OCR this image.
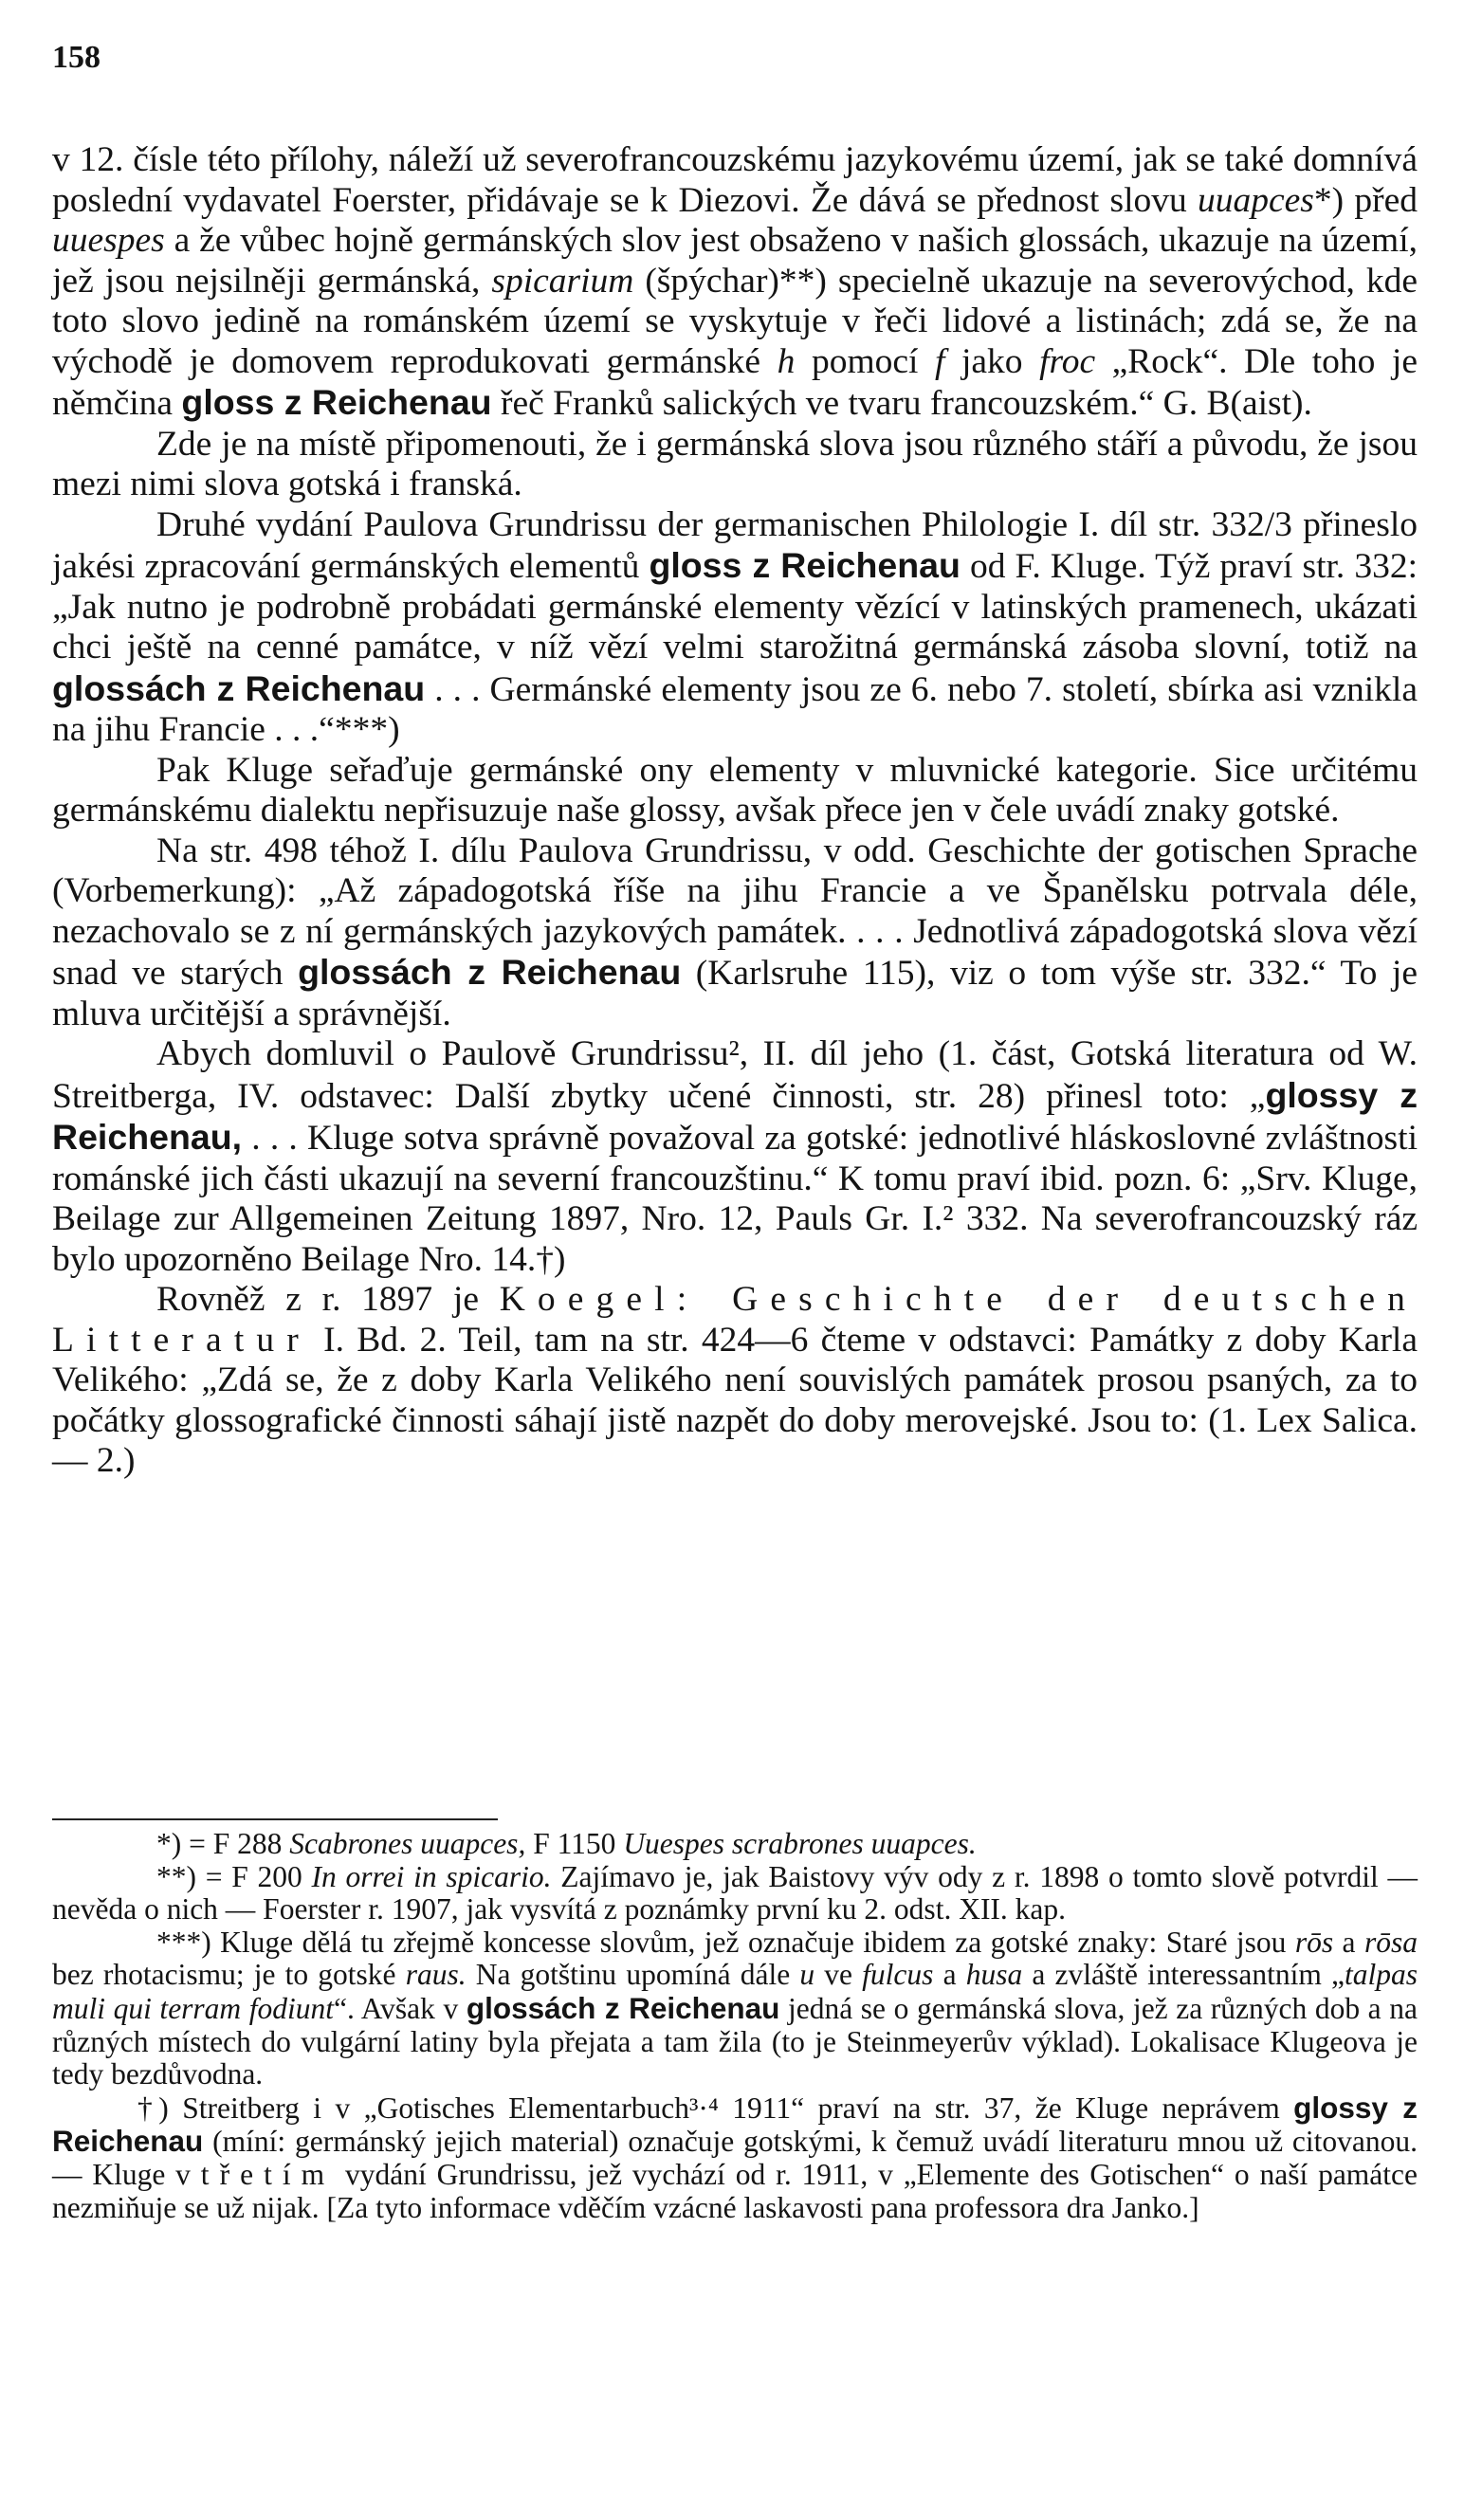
158

v 12. čísle této přílohy, náleží už severofrancouzskému jazykovému území, jak se také domnívá poslední vydavatel Foerster, přidávaje se k Diezovi. Že dává se přednost slovu uuapces*) před uuespes a že vůbec hojně germánských slov jest obsaženo v našich glossách, ukazuje na území, jež jsou nejsilněji germánská, spicarium (špýchar)**) specielně ukazuje na severovýchod, kde toto slovo jedině na románském území se vyskytuje v řeči lidové a listinách; zdá se, že na východě je domovem reprodukovati germánské h pomocí f jako froc „Rock“. Dle toho je němčina gloss z Reichenau řeč Franků salických ve tvaru francouzském.“ G. B(aist).

Zde je na místě připomenouti, že i germánská slova jsou různého stáří a původu, že jsou mezi nimi slova gotská i franská.

Druhé vydání Paulova Grundrissu der germanischen Philologie I. díl str. 332/3 přineslo jakési zpracování germánských elementů gloss z Reichenau od F. Kluge. Týž praví str. 332: „Jak nutno je podrobně probádati germánské elementy vězící v latinských pramenech, ukázati chci ještě na cenné památce, v níž vězí velmi starožitná germánská zásoba slovní, totiž na glossách z Reichenau . . . Germánské elementy jsou ze 6. nebo 7. století, sbírka asi vznikla na jihu Francie . . .“***)

Pak Kluge seřaďuje germánské ony elementy v mluvnické kategorie. Sice určitému germánskému dialektu nepřisuzuje naše glossy, avšak přece jen v čele uvádí znaky gotské.

Na str. 498 téhož I. dílu Paulova Grundrissu, v odd. Geschichte der gotischen Sprache (Vorbemerkung): „Až západogotská říše na jihu Francie a ve Španělsku potrvala déle, nezachovalo se z ní germánských jazykových památek. . . . Jednotlivá západogotská slova vězí snad ve starých glossách z Reichenau (Karlsruhe 115), viz o tom výše str. 332.“ To je mluva určitější a správnější.

Abych domluvil o Paulově Grundrissu², II. díl jeho (1. část, Gotská literatura od W. Streitberga, IV. odstavec: Další zbytky učené činnosti, str. 28) přinesl toto: „glossy z Reichenau, . . . Kluge sotva správně považoval za gotské: jednotlivé hláskoslovné zvláštnosti románské jich části ukazují na severní francouzštinu.“ K tomu praví ibid. pozn. 6: „Srv. Kluge, Beilage zur Allgemeinen Zeitung 1897, Nro. 12, Pauls Gr. I.² 332. Na severofrancouzský ráz bylo upozorněno Beilage Nro. 14.†)

Rovněž z r. 1897 je Koegel: Geschichte der deutschen Litteratur I. Bd. 2. Teil, tam na str. 424—6 čteme v odstavci: Památky z doby Karla Velikého: „Zdá se, že z doby Karla Velikého není souvislých památek prosou psaných, za to počátky glossografické činnosti sáhají jistě nazpět do doby merovejské. Jsou to: (1. Lex Salica. — 2.)

*) = F 288 Scabrones uuapces, F 1150 Uuespes scrabrones uuapces.

**) = F 200 In orrei in spicario. Zajímavo je, jak Baistovy výv ody z r. 1898 o tomto slově potvrdil — nevěda o nich — Foerster r. 1907, jak vysvítá z poznámky první ku 2. odst. XII. kap.

***) Kluge dělá tu zřejmě koncesse slovům, jež označuje ibidem za gotské znaky: Staré jsou rōs a rōsa bez rhotacismu; je to gotské raus. Na gotštinu upomíná dále u ve fulcus a husa a zvláště interessantním „talpas muli qui terram fodiunt“. Avšak v glossách z Reichenau jedná se o germánská slova, jež za různých dob a na různých místech do vulgární latiny byla přejata a tam žila (to je Steinmeyerův výklad). Lokalisace Klugeova je tedy bezdůvodna.

†) Streitberg i v „Gotisches Elementarbuch³·⁴ 1911“ praví na str. 37, že Kluge neprávem glossy z Reichenau (míní: germánský jejich material) označuje gotskými, k čemuž uvádí literaturu mnou už citovanou. — Kluge v třetím vydání Grundrissu, jež vychází od r. 1911, v „Elemente des Gotischen“ o naší památce nezmiňuje se už nijak. [Za tyto informace vděčím vzácné laskavosti pana professora dra Janko.]
